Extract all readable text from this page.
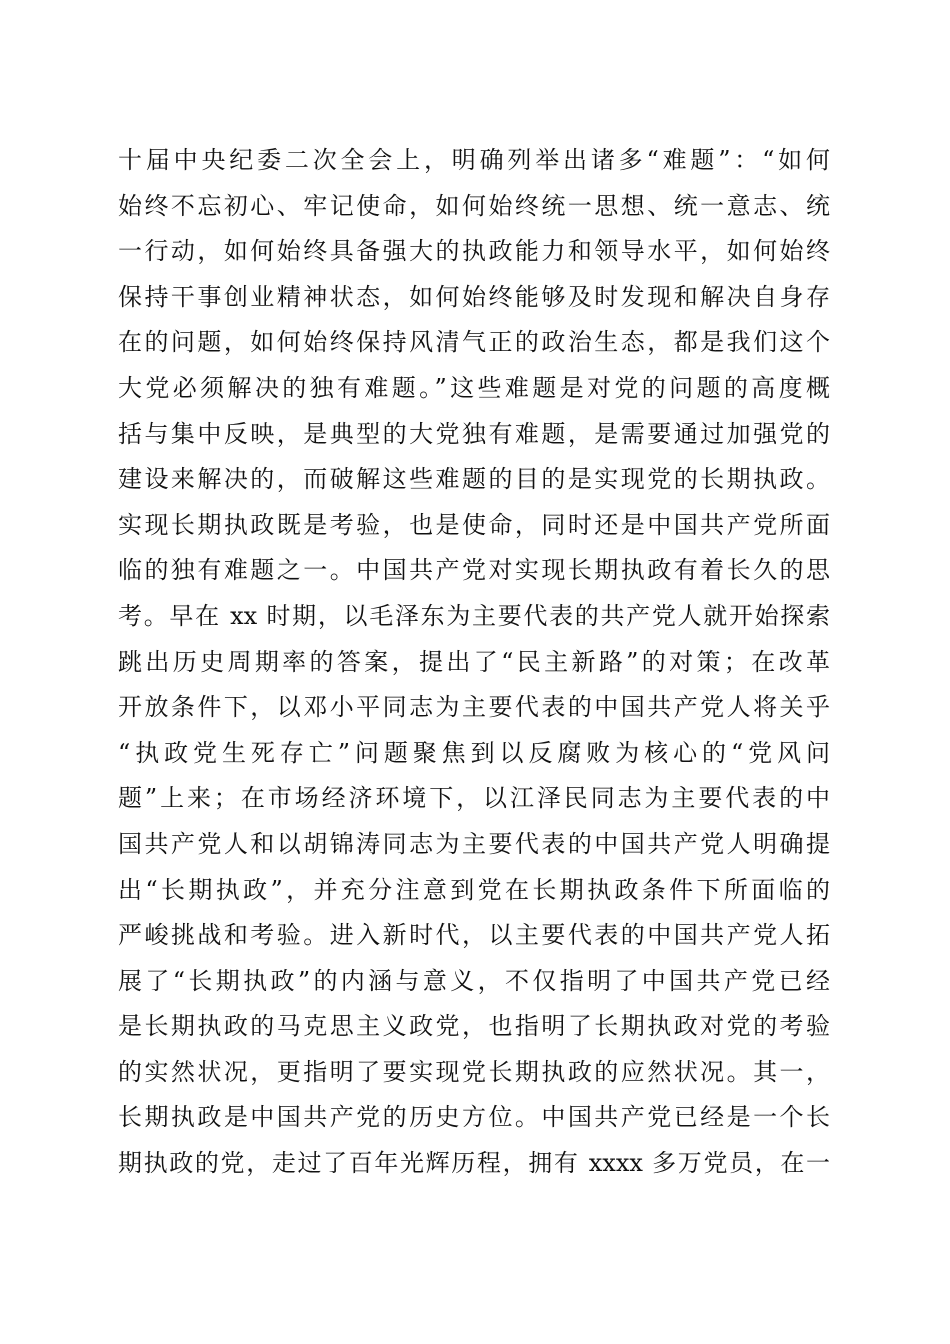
十届中央纪委二次全会上，明确列举出诸多“难题”：“如何
始终不忘初心、牢记使命，如何始终统一思想、统一意志、统
一行动，如何始终具备强大的执政能力和领导水平，如何始终
保持干事创业精神状态，如何始终能够及时发现和解决自身存
在的问题，如何始终保持风清气正的政治生态，都是我们这个
大党必须解决的独有难题。”这些难题是对党的问题的高度概
括与集中反映，是典型的大党独有难题，是需要通过加强党的
建设来解决的，而破解这些难题的目的是实现党的长期执政。
实现长期执政既是考验，也是使命，同时还是中国共产党所面
临的独有难题之一。中国共产党对实现长期执政有着长久的思
考。早在 xx 时期，以毛泽东为主要代表的共产党人就开始探索
跳出历史周期率的答案，提出了“民主新路”的对策；在改革
开放条件下，以邓小平同志为主要代表的中国共产党人将关乎
“执政党生死存亡”问题聚焦到以反腐败为核心的“党风问
题”上来；在市场经济环境下，以江泽民同志为主要代表的中
国共产党人和以胡锦涛同志为主要代表的中国共产党人明确提
出“长期执政”，并充分注意到党在长期执政条件下所面临的
严峻挑战和考验。进入新时代，以主要代表的中国共产党人拓
展了“长期执政”的内涵与意义，不仅指明了中国共产党已经
是长期执政的马克思主义政党，也指明了长期执政对党的考验
的实然状况，更指明了要实现党长期执政的应然状况。其一，
长期执政是中国共产党的历史方位。中国共产党已经是一个长
期执政的党，走过了百年光辉历程，拥有 xxxx 多万党员，在一
